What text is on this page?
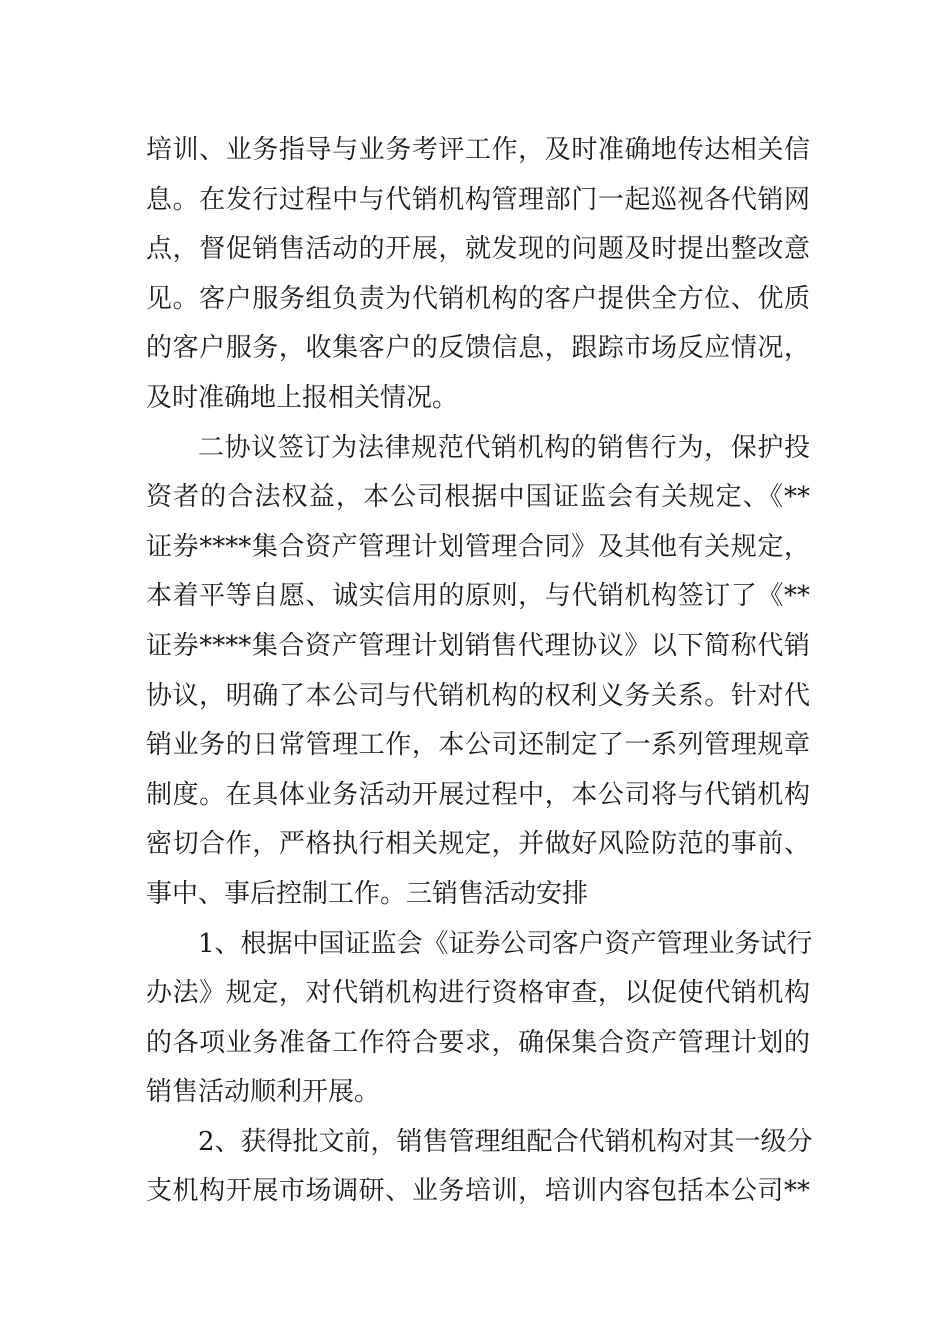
培训、业务指导与业务考评工作，及时准确地传达相关信
息。在发行过程中与代销机构管理部门一起巡视各代销网
点，督促销售活动的开展，就发现的问题及时提出整改意
见。客户服务组负责为代销机构的客户提供全方位、优质
的客户服务，收集客户的反馈信息，跟踪市场反应情况，
及时准确地上报相关情况。
二协议签订为法律规范代销机构的销售行为，保护投
资者的合法权益，本公司根据中国证监会有关规定、《**
证券****集合资产管理计划管理合同》及其他有关规定，
本着平等自愿、诚实信用的原则，与代销机构签订了《**
证券****集合资产管理计划销售代理协议》以下简称代销
协议，明确了本公司与代销机构的权利义务关系。针对代
销业务的日常管理工作，本公司还制定了一系列管理规章
制度。在具体业务活动开展过程中，本公司将与代销机构
密切合作，严格执行相关规定，并做好风险防范的事前、
事中、事后控制工作。三销售活动安排
1、根据中国证监会《证券公司客户资产管理业务试行
办法》规定，对代销机构进行资格审查，以促使代销机构
的各项业务准备工作符合要求，确保集合资产管理计划的
销售活动顺利开展。
2、获得批文前，销售管理组配合代销机构对其一级分
支机构开展市场调研、业务培训，培训内容包括本公司**
